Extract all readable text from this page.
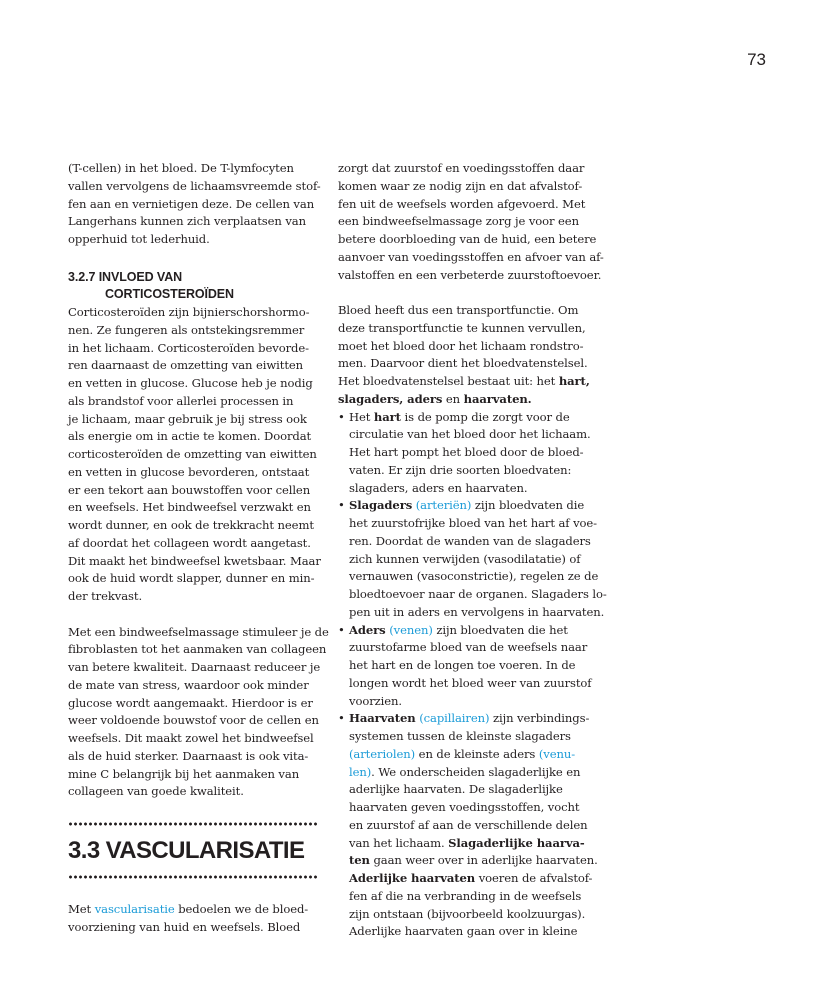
73
(T-cellen) in het bloed. De T-lymfocyten
vallen vervolgens de lichaamsvreemde stof-
fen aan en vernietigen deze. De cellen van
Langerhans kunnen zich verplaatsen van
opperhuid tot lederhuid.
3.2.7 INVLOED VAN
CORTICOSTEROÏDEN
Corticosteroïden zijn bijnierschorshormo-
nen. Ze fungeren als ontstekingsremmer
in het lichaam. Corticosteroïden bevorde-
ren daarnaast de omzetting van eiwitten
en vetten in glucose. Glucose heb je nodig
als brandstof voor allerlei processen in
je lichaam, maar gebruik je bij stress ook
als energie om in actie te komen. Doordat
corticosteroïden de omzetting van eiwitten
en vetten in glucose bevorderen, ontstaat
er een tekort aan bouwstoffen voor cellen
en weefsels. Het bindweefsel verzwakt en
wordt dunner, en ook de trekkracht neemt
af doordat het collageen wordt aangetast.
Dit maakt het bindweefsel kwetsbaar. Maar
ook de huid wordt slapper, dunner en min-
der trekvast.
Met een bindweefselmassage stimuleer je de
fibroblasten tot het aanmaken van collageen
van betere kwaliteit. Daarnaast reduceer je
de mate van stress, waardoor ook minder
glucose wordt aangemaakt. Hierdoor is er
weer voldoende bouwstof voor de cellen en
weefsels. Dit maakt zowel het bindweefsel
als de huid sterker. Daarnaast is ook vita-
mine C belangrijk bij het aanmaken van
collageen van goede kwaliteit.
3.3 VASCULARISATIE
Met vascularisatie bedoelen we de bloed-
voorziening van huid en weefsels. Bloed
zorgt dat zuurstof en voedingsstoffen daar
komen waar ze nodig zijn en dat afvalstof-
fen uit de weefsels worden afgevoerd. Met
een bindweefselmassage zorg je voor een
betere doorbloeding van de huid, een betere
aanvoer van voedingsstoffen en afvoer van af-
valstoffen en een verbeterde zuurstoftoevoer.
Bloed heeft dus een transportfunctie. Om
deze transportfunctie te kunnen vervullen,
moet het bloed door het lichaam rondstro-
men. Daarvoor dient het bloedvatenstelsel.
Het bloedvatenstelsel bestaat uit: het hart,
slagaders, aders en haarvaten.
• Het hart is de pomp die zorgt voor de
circulatie van het bloed door het lichaam.
Het hart pompt het bloed door de bloed-
vaten. Er zijn drie soorten bloedvaten:
slagaders, aders en haarvaten.
• Slagaders (arteriën) zijn bloedvaten die
het zuurstofrijke bloed van het hart af voe-
ren. Doordat de wanden van de slagaders
zich kunnen verwijden (vasodilatatie) of
vernauwen (vasoconstrictie), regelen ze de
bloedtoevoer naar de organen. Slagaders lo-
pen uit in aders en vervolgens in haarvaten.
• Aders (venen) zijn bloedvaten die het
zuurstofarme bloed van de weefsels naar
het hart en de longen toe voeren. In de
longen wordt het bloed weer van zuurstof
voorzien.
• Haarvaten (capillairen) zijn verbindings-
systemen tussen de kleinste slagaders
(arteriolen) en de kleinste aders (venu-
len). We onderscheiden slagaderlijke en
aderlijke haarvaten. De slagaderlijke
haarvaten geven voedingsstoffen, vocht
en zuurstof af aan de verschillende delen
van het lichaam. Slagaderlijke haarva-
ten gaan weer over in aderlijke haarvaten.
Aderlijke haarvaten voeren de afvalstof-
fen af die na verbranding in de weefsels
zijn ontstaan (bijvoorbeeld koolzuurgas).
Aderlijke haarvaten gaan over in kleine
